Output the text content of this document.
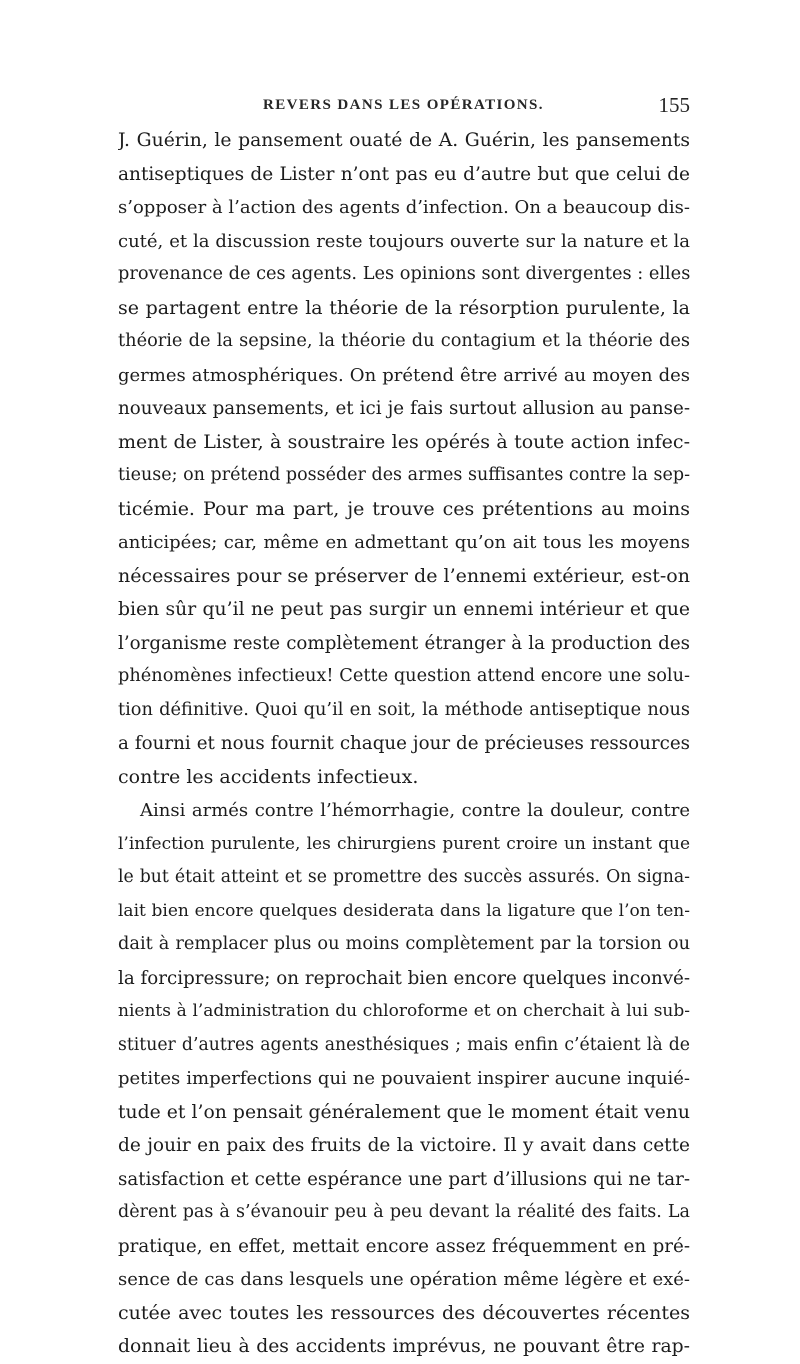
REVERS DANS LES OPÉRATIONS.	155
J. Guérin, le pansement ouaté de A. Guérin, les pansements
antiseptiques de Lister n’ont pas eu d’autre but que celui de
s’opposer à l’action des agents d’infection. On a beaucoup dis-
cuté, et la discussion reste toujours ouverte sur la nature et la
provenance de ces agents. Les opinions sont divergentes : elles
se partagent entre la théorie de la résorption purulente, la
théorie de la sepsine, la théorie du contagium et la théorie des
germes atmosphériques. On prétend être arrivé au moyen des
nouveaux pansements, et ici je fais surtout allusion au panse-
ment de Lister, à soustraire les opérés à toute action infec-
tieuse; on prétend posséder des armes suffisantes contre la sep-
ticémie. Pour ma part, je trouve ces prétentions au moins
anticipées; car, même en admettant qu’on ait tous les moyens
nécessaires pour se préserver de l’ennemi extérieur, est-on
bien sûr qu’il ne peut pas surgir un ennemi intérieur et que
l’organisme reste complètement étranger à la production des
phénomènes infectieux! Cette question attend encore une solu-
tion définitive. Quoi qu’il en soit, la méthode antiseptique nous
a fourni et nous fournit chaque jour de précieuses ressources
contre les accidents infectieux.
Ainsi armés contre l’hémorrhagie, contre la douleur, contre
l’infection purulente, les chirurgiens purent croire un instant que
le but était atteint et se promettre des succès assurés. On signa-
lait bien encore quelques desiderata dans la ligature que l’on ten-
dait à remplacer plus ou moins complètement par la torsion ou
la forcipressure; on reprochait bien encore quelques inconvé-
nients à l’administration du chloroforme et on cherchait à lui sub-
stituer d’autres agents anesthésiques ; mais enfin c’étaient là de
petites imperfections qui ne pouvaient inspirer aucune inquié-
tude et l’on pensait généralement que le moment était venu
de jouir en paix des fruits de la victoire. Il y avait dans cette
satisfaction et cette espérance une part d’illusions qui ne tar-
dèrent pas à s’évanouir peu à peu devant la réalité des faits. La
pratique, en effet, mettait encore assez fréquemment en pré-
sence de cas dans lesquels une opération même légère et exé-
cutée avec toutes les ressources des découvertes récentes
donnait lieu à des accidents imprévus, ne pouvant être rap-
